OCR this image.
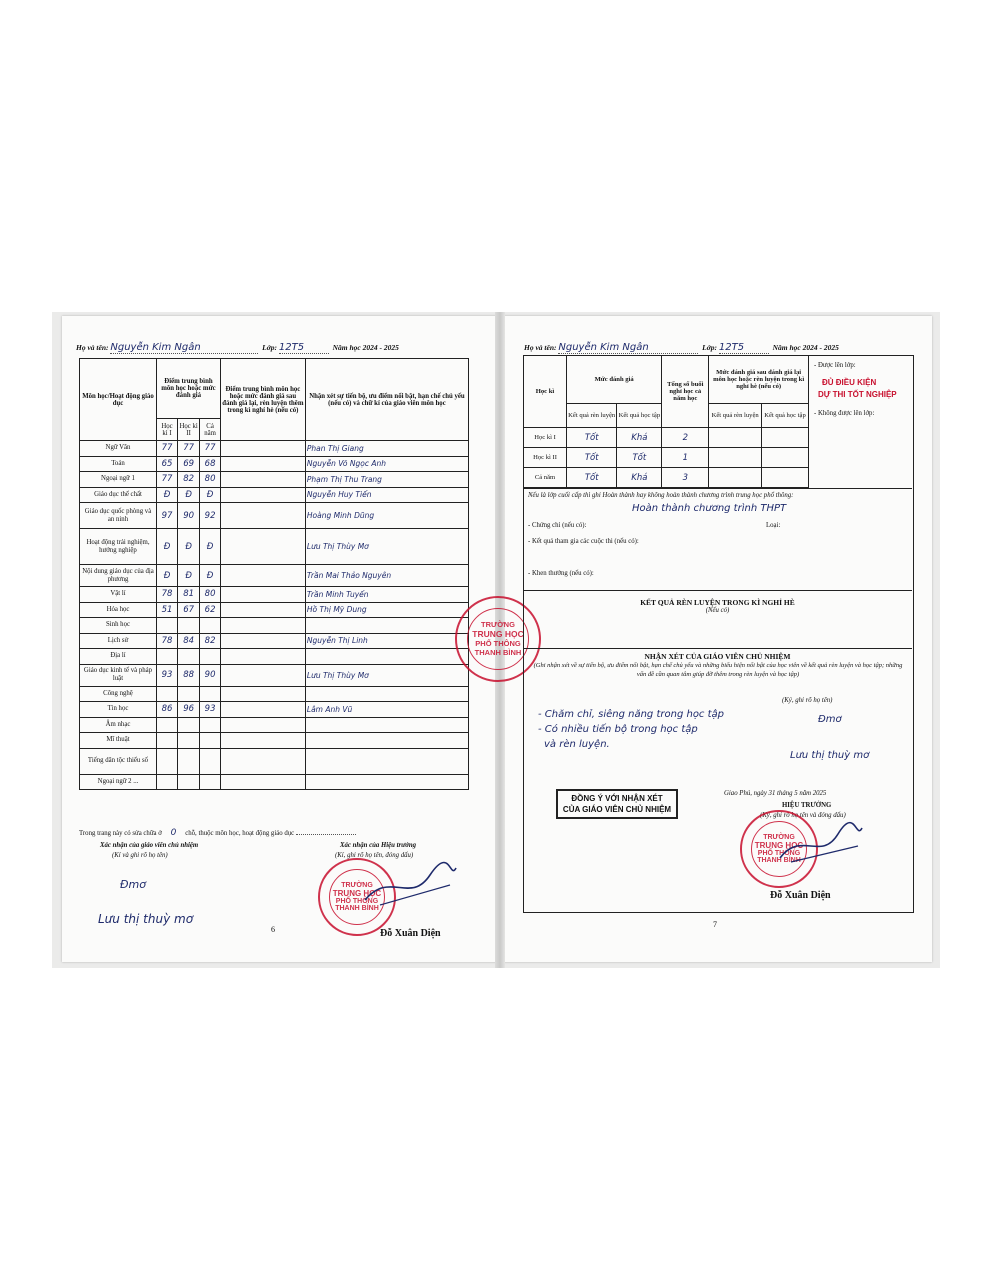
Họ và tên: Nguyễn Kim Ngân	Lớp: 12T5	Năm học 2024 - 2025
Môn học/Hoạt động giáo dục	Điểm trung bình môn học hoặc mức đánh giá			Điểm trung bình môn học hoặc mức đánh giá sau đánh giá lại, rèn luyện thêm trong kì nghỉ hè (nếu có)	Nhận xét sự tiến bộ, ưu điểm nổi bật, hạn chế chủ yếu (nếu có) và chữ kí của giáo viên môn học
	Học kì I	Học kì II	Cả năm		
Ngữ Văn	77	77	77		Phan Thị Giang
Toán	65	69	68		Nguyễn Võ Ngọc Anh
Ngoại ngữ 1	77	82	80		Phạm Thị Thu Trang
Giáo dục thể chất	Đ	Đ	Đ		Nguyễn Huy Tiến
Giáo dục quốc phòng và an ninh	97	90	92		Hoàng Minh Dũng
Hoạt động trải nghiệm, hướng nghiệp	Đ	Đ	Đ		Lưu Thị Thùy Mơ
Nội dung giáo dục của địa phương	Đ	Đ	Đ		Trần Mai Thảo Nguyên
Vật lí	78	81	80		Trần Minh Tuyến
Hóa học	51	67	62		Hồ Thị Mỹ Dung
Sinh học					
Lịch sử	78	84	82		Nguyễn Thị Linh
Địa lí					
Giáo dục kinh tế và pháp luật	93	88	90		Lưu Thị Thùy Mơ
Công nghệ					
Tin học	86	96	93		Lâm Anh Vũ
Âm nhạc					
Mĩ thuật					
Tiếng dân tộc thiểu số					
Ngoại ngữ 2 ...					
Trong trang này có sửa chữa ở 0 chỗ, thuộc môn học, hoạt động giáo dục
Xác nhận của giáo viên chủ nhiệm
(Kí và ghi rõ họ tên)
Đmơ
Lưu thị thuỳ mơ
Xác nhận của Hiệu trưởng
(Kí, ghi rõ họ tên, đóng dấu)
TRƯỜNG
TRUNG HỌC
PHỔ THÔNG
THANH BÌNH
Đỗ Xuân Diện
6
TRƯỜNG
TRUNG HỌC
PHỔ THÔNG
THANH BÌNH
Họ và tên: Nguyễn Kim Ngân	Lớp: 12T5	Năm học 2024 - 2025
Học kì	Mức đánh giá		Tổng số buổi nghỉ học cả năm học	Mức đánh giá sau đánh giá lại môn học hoặc rèn luyện trong kì nghỉ hè (nếu có)	
	Kết quả rèn luyện	Kết quả học tập		Kết quả rèn luyện	Kết quả học tập
Học kì I	Tốt	Khá	2		
Học kì II	Tốt	Tốt	1		
Cả năm	Tốt	Khá	3		
- Được lên lớp:
ĐỦ ĐIỀU KIỆN
DỰ THI TỐT NGHIỆP
- Không được lên lớp:
Nếu là lớp cuối cấp thì ghi Hoàn thành hay không hoàn thành chương trình trung học phổ thông:
Hoàn thành chương trình THPT
- Chứng chỉ (nếu có):	Loại:
- Kết quả tham gia các cuộc thi (nếu có):
- Khen thưởng (nếu có):
KẾT QUẢ RÈN LUYỆN TRONG KÌ NGHỈ HÈ
(Nếu có)
NHẬN XÉT CỦA GIÁO VIÊN CHỦ NHIỆM
(Ghi nhận xét về sự tiến bộ, ưu điểm nổi bật, hạn chế chủ yếu và những biểu hiện nổi bật của học viên về kết quả rèn luyện và học tập; những vấn đề cần quan tâm giúp đỡ thêm trong rèn luyện và học tập)
(Ký, ghi rõ họ tên)
- Chăm chỉ, siêng năng trong học tập
- Có nhiều tiến bộ trong học tập
và rèn luyện.
Đmơ
Lưu thị thuỳ mơ
ĐỒNG Ý VỚI NHẬN XÉT
CỦA GIÁO VIÊN CHỦ NHIỆM
Giao Phú, ngày 31 tháng 5 năm 2025
HIỆU TRƯỞNG
(Ký, ghi rõ họ tên và đóng dấu)
TRƯỜNG
TRUNG HỌC
PHỔ THÔNG
THANH BÌNH
Đỗ Xuân Diện
7
